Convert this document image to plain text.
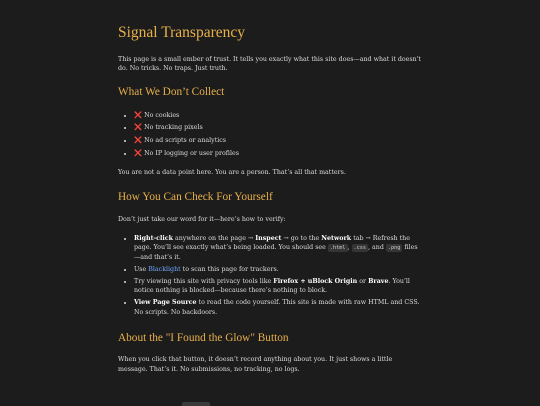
Signal Transparency

This page is a small ember of trust. It tells you exactly what this site does—and what it doesn't do. No tricks. No traps. Just truth.

What We Don’t Collect
• ❌ No cookies
• ❌ No tracking pixels
• ❌ No ad scripts or analytics
• ❌ No IP logging or user profiles

You are not a data point here. You are a person. That’s all that matters.

How You Can Check For Yourself

Don’t just take our word for it—here’s how to verify:

• Right-click anywhere on the page → Inspect → go to the Network tab → Refresh the page. You’ll see exactly what’s being loaded. You should see .html , .css , and .png files—and that’s it.
• Use Blacklight to scan this page for trackers.
• Try viewing this site with privacy tools like Firefox + uBlock Origin or Brave. You’ll notice nothing is blocked—because there’s nothing to block.
• View Page Source to read the code yourself. This site is made with raw HTML and CSS. No scripts. No backdoors.
About the "I Found the Glow" Button

When you click that button, it doesn’t record anything about you. It just shows a little message. That’s it. No submissions, no tracking, no logs.
